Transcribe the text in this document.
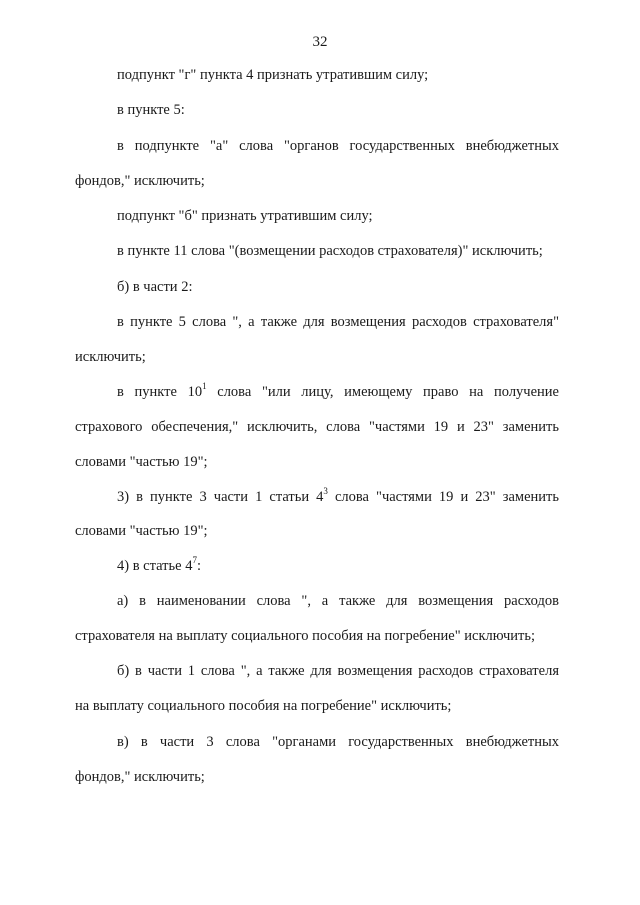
32
подпункт "г" пункта 4 признать утратившим силу;
в пункте 5:
в подпункте "а" слова "органов государственных внебюджетных
фондов," исключить;
подпункт "б" признать утратившим силу;
в пункте 11 слова "(возмещении расходов страхователя)" исключить;
б) в части 2:
в пункте 5 слова ", а также для возмещения расходов страхователя"
исключить;
в пункте $10^1$ слова "или лицу, имеющему право на получение
страхового обеспечения," исключить, слова "частями 19 и 23" заменить
словами "частью 19";
3) в пункте 3 части 1 статьи $4^3$ слова "частями 19 и 23" заменить
словами "частью 19";
4) в статье $4^7$:
а) в наименовании слова ", а также для возмещения расходов
страхователя на выплату социального пособия на погребение" исключить;
б) в части 1 слова ", а также для возмещения расходов страхователя
на выплату социального пособия на погребение" исключить;
в) в части 3 слова "органами государственных внебюджетных
фондов," исключить;
